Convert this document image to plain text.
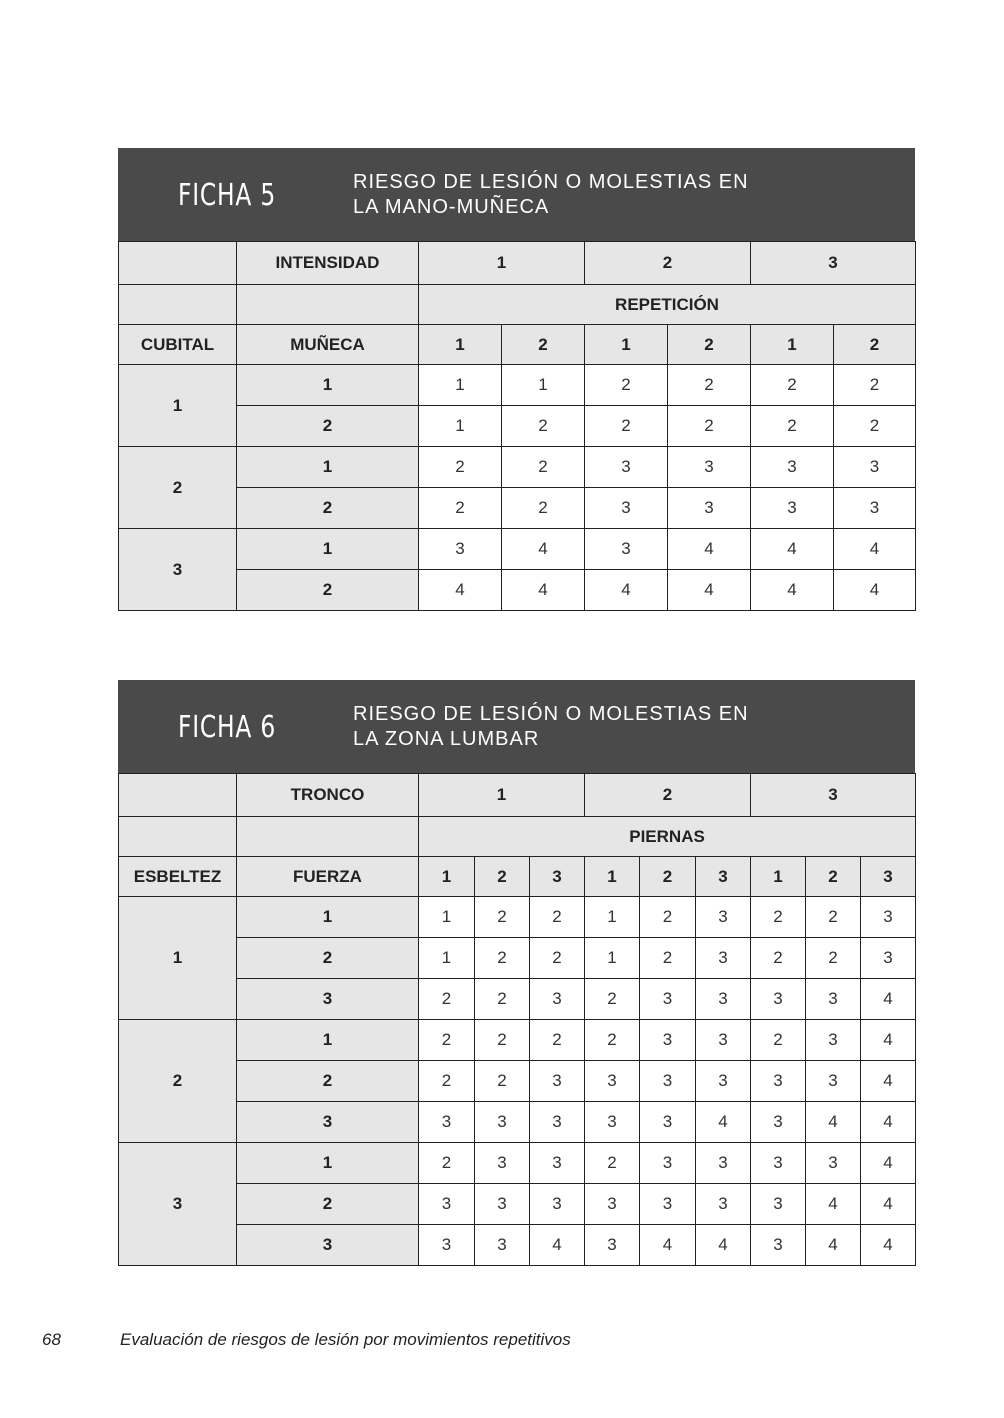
FICHA 5	RIESGO DE LESIÓN O MOLESTIAS EN
LA MANO-MUÑECA
	INTENSIDAD	1		2		3	
		REPETICIÓN					
CUBITAL	MUÑECA	1	2	1	2	1	2
1	1	1	1	2	2	2	2
	2	1	2	2	2	2	2
2	1	2	2	3	3	3	3
	2	2	2	3	3	3	3
3	1	3	4	3	4	4	4
	2	4	4	4	4	4	4
FICHA 6	RIESGO DE LESIÓN O MOLESTIAS EN
LA ZONA LUMBAR
	TRONCO	1			2			3		
		PIERNAS								
ESBELTEZ	FUERZA	1	2	3	1	2	3	1	2	3
1	1	1	2	2	1	2	3	2	2	3
	2	1	2	2	1	2	3	2	2	3
	3	2	2	3	2	3	3	3	3	4
2	1	2	2	2	2	3	3	2	3	4
	2	2	2	3	3	3	3	3	3	4
	3	3	3	3	3	3	4	3	4	4
3	1	2	3	3	2	3	3	3	3	4
	2	3	3	3	3	3	3	3	4	4
	3	3	3	4	3	4	4	3	4	4
68	Evaluación de riesgos de lesión por movimientos repetitivos
